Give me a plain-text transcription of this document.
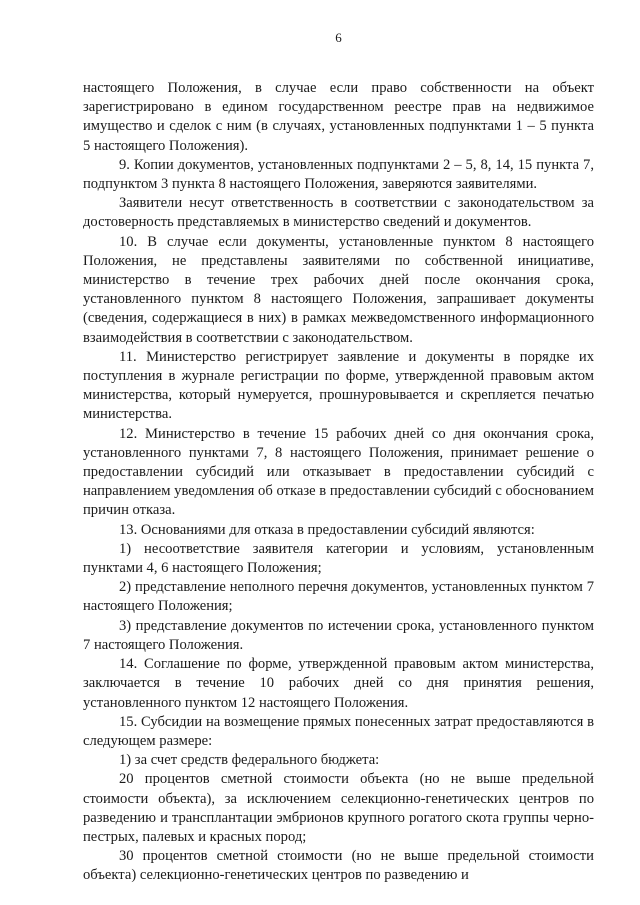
6

настоящего Положения, в случае если право собственности на объект зарегистрировано в едином государственном реестре прав на недвижимое имущество и сделок с ним (в случаях, установленных подпунктами 1 – 5 пункта 5 настоящего Положения).

9. Копии документов, установленных подпунктами 2 – 5, 8, 14, 15 пункта 7, подпунктом 3 пункта 8 настоящего Положения, заверяются заявителями.

Заявители несут ответственность в соответствии с законодательством за достоверность представляемых в министерство сведений и документов.

10. В случае если документы, установленные пунктом 8 настоящего Положения, не представлены заявителями по собственной инициативе, министерство в течение трех рабочих дней после окончания срока, установленного пунктом 8 настоящего Положения, запрашивает документы (сведения, содержащиеся в них) в рамках межведомственного информационного взаимодействия в соответствии с законодательством.

11. Министерство регистрирует заявление и документы в порядке их поступления в журнале регистрации по форме, утвержденной правовым актом министерства, который нумеруется, прошнуровывается и скрепляется печатью министерства.

12. Министерство в течение 15 рабочих дней со дня окончания срока, установленного пунктами 7, 8 настоящего Положения, принимает решение о предоставлении субсидий или отказывает в предоставлении субсидий с направлением уведомления об отказе в предоставлении субсидий с обоснованием причин отказа.

13. Основаниями для отказа в предоставлении субсидий являются:

1) несоответствие заявителя категории и условиям, установленным пунктами 4, 6 настоящего Положения;

2) представление неполного перечня документов, установленных пунктом 7 настоящего Положения;

3) представление документов по истечении срока, установленного пунктом 7 настоящего Положения.

14. Соглашение по форме, утвержденной правовым актом министерства, заключается в течение 10 рабочих дней со дня принятия решения, установленного пунктом 12 настоящего Положения.

15. Субсидии на возмещение прямых понесенных затрат предоставляются в следующем размере:

1) за счет средств федерального бюджета:

20 процентов сметной стоимости объекта (но не выше предельной стоимости объекта), за исключением селекционно-генетических центров по разведению и трансплантации эмбрионов крупного рогатого скота группы черно-пестрых, палевых и красных пород;

30 процентов сметной стоимости (но не выше предельной стоимости объекта) селекционно-генетических центров по разведению и
